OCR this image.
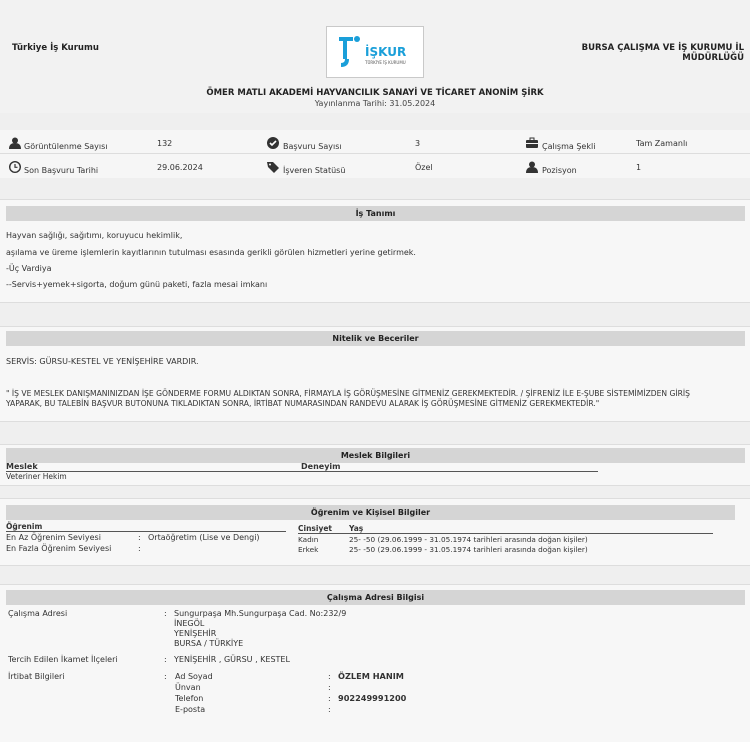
Türkiye İş Kurumu	İŞKUR
TÜRKİYE İŞ KURUMU
BURSA ÇALIŞMA VE İŞ KURUMU İL
MÜDÜRLÜĞÜ
ÖMER MATLI AKADEMİ HAYVANCILIK SANAYİ VE TİCARET ANONİM ŞİRK
Yayınlanma Tarihi: 31.05.2024
Görüntülenme Sayısı	132	Başvuru Sayısı	3	Çalışma Şekli	Tam Zamanlı
Son Başvuru Tarihi	29.06.2024	İşveren Statüsü	Özel	Pozisyon	1
İş Tanımı
Hayvan sağlığı, sağıtımı, koruyucu hekimlik,
aşılama ve üreme işlemlerin kayıtlarının tutulması esasında gerikli görülen hizmetleri yerine getirmek.
-Üç Vardiya
--Servis+yemek+sigorta, doğum günü paketi, fazla mesai imkanı
Nitelik ve Beceriler
SERVİS: GÜRSU-KESTEL VE YENİŞEHİRE VARDIR.
" İŞ VE MESLEK DANIŞMANINIZDAN İŞE GÖNDERME FORMU ALDIKTAN SONRA, FİRMAYLA İŞ GÖRÜŞMESİNE GİTMENİZ GEREKMEKTEDİR. / ŞİFRENİZ İLE E-ŞUBE SİSTEMİMİZDEN GİRİŞ
YAPARAK, BU TALEBİN BAŞVUR BUTONUNA TIKLADIKTAN SONRA, İRTİBAT NUMARASINDAN RANDEVU ALARAK İŞ GÖRÜŞMESİNE GİTMENİZ GEREKMEKTEDİR."
Meslek Bilgileri
Meslek	Deneyim
Veteriner Hekim
Öğrenim ve Kişisel Bilgiler
Öğrenim
En Az Öğrenim Seviyesi	: Ortaöğretim (Lise ve Dengi)
En Fazla Öğrenim Seviyesi	:
Cinsiyet Yaş
Kadın	25- -50 (29.06.1999 - 31.05.1974 tarihleri arasında doğan kişiler)
Erkek	25- -50 (29.06.1999 - 31.05.1974 tarihleri arasında doğan kişiler)
Çalışma Adresi Bilgisi
Çalışma Adresi	: Sungurpaşa Mh.Sungurpaşa Cad. No:232/9
İNEGÖL
YENİŞEHİR
BURSA / TÜRKİYE
Tercih Edilen İkamet İlçeleri	: YENİŞEHİR , GÜRSU , KESTEL
İrtibat Bilgileri	: Ad Soyad	: ÖZLEM HANIM
Ünvan	:
Telefon	: 902249991200
E-posta	:
